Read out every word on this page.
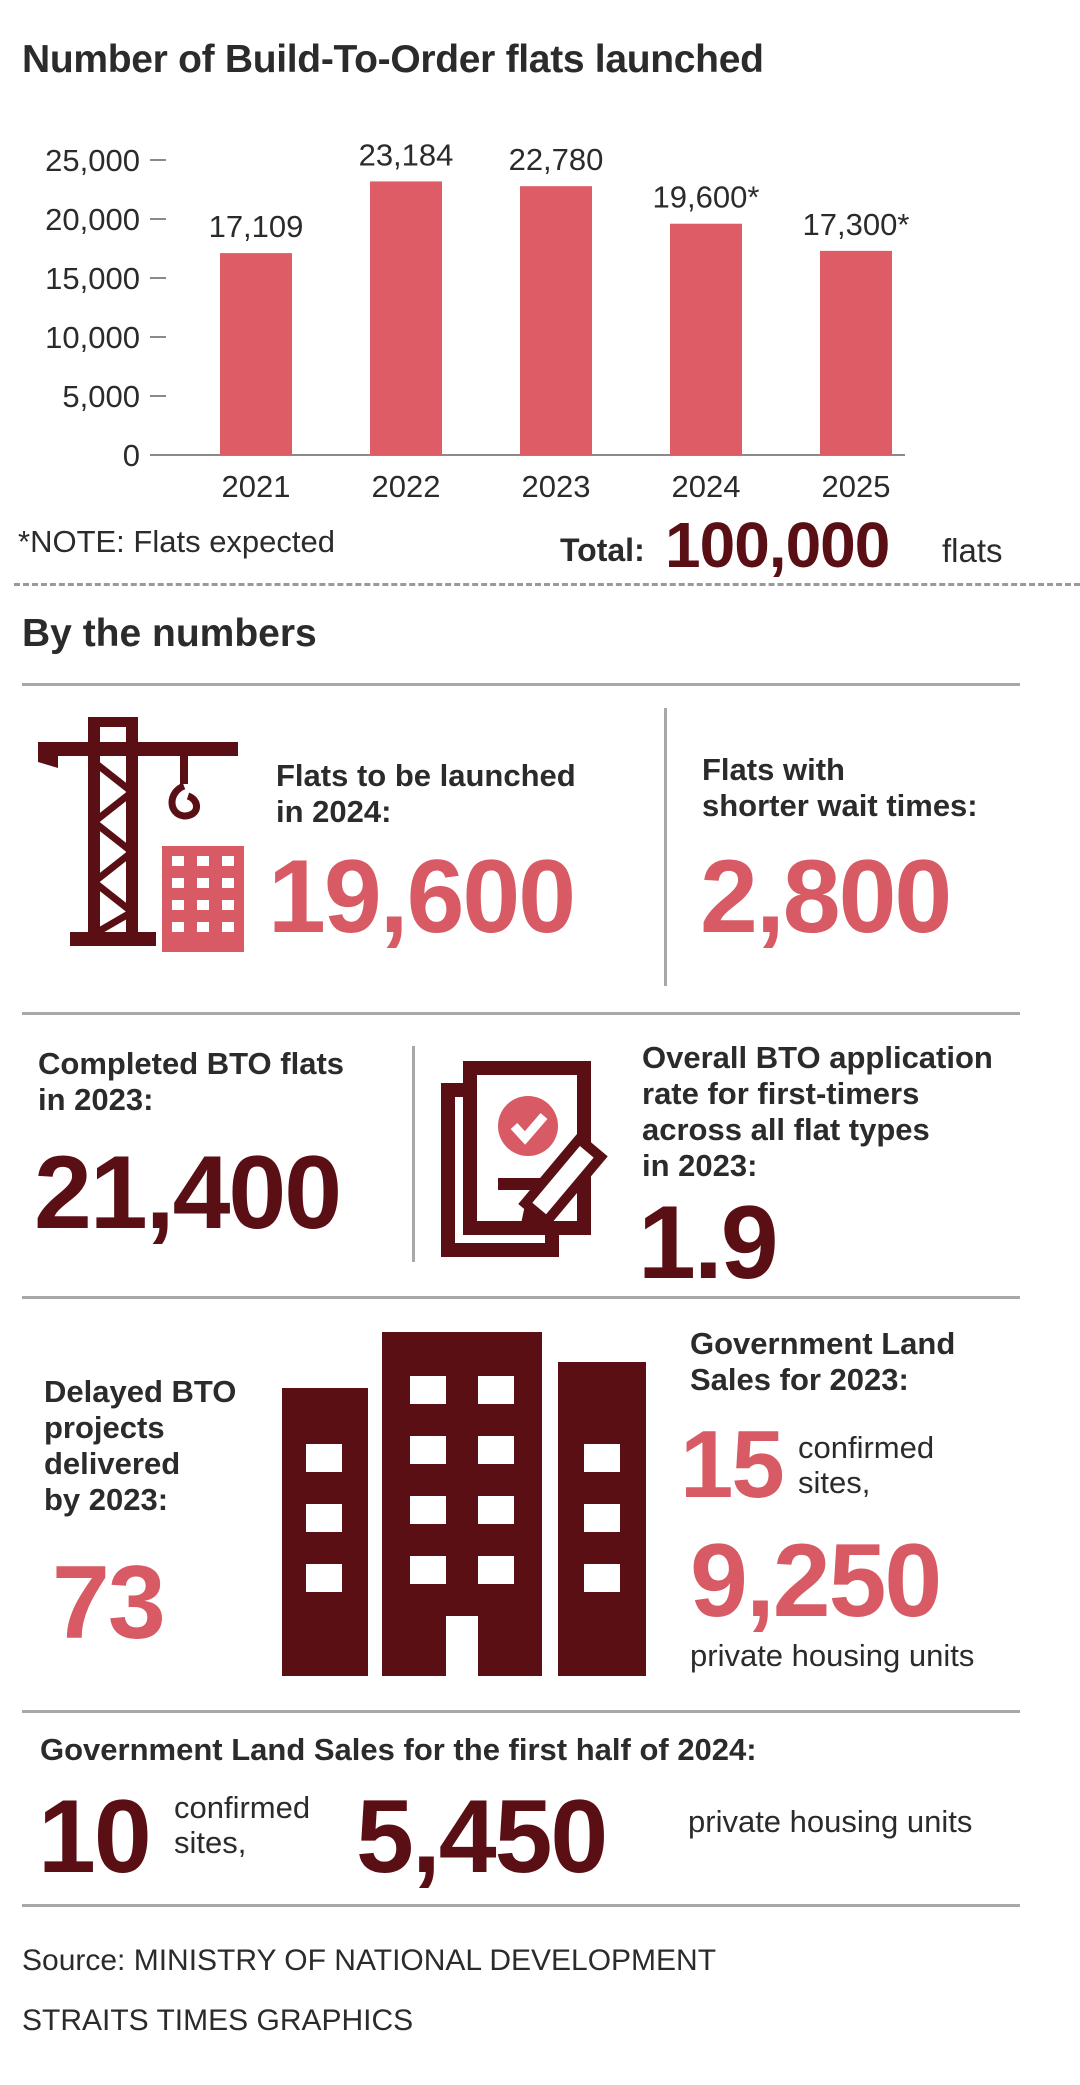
Number of Build-To-Order flats launched
0
5,000
10,000
15,000
20,000
25,000
17,109
23,184 22,780
19,600*
17,300*
2021	2022	2023	2024	2025
*NOTE: Flats expected	Total: 100,000 flats
By the numbers
Flats to be launched
in 2024:
19,600
Flats with
shorter wait times:
2,800
Completed BTO flats
in 2023:
21,400
Overall BTO application
rate for first-timers
across all flat types
in 2023:
1.9
Delayed BTO
projects
delivered
by 2023:
73
Government Land
Sales for 2023:
15 confirmed
sites,
9,250
private housing units
Government Land Sales for the first half of 2024:
10 confirmed
sites,	5,450	private housing units
Source: MINISTRY OF NATIONAL DEVELOPMENT
STRAITS TIMES GRAPHICS
